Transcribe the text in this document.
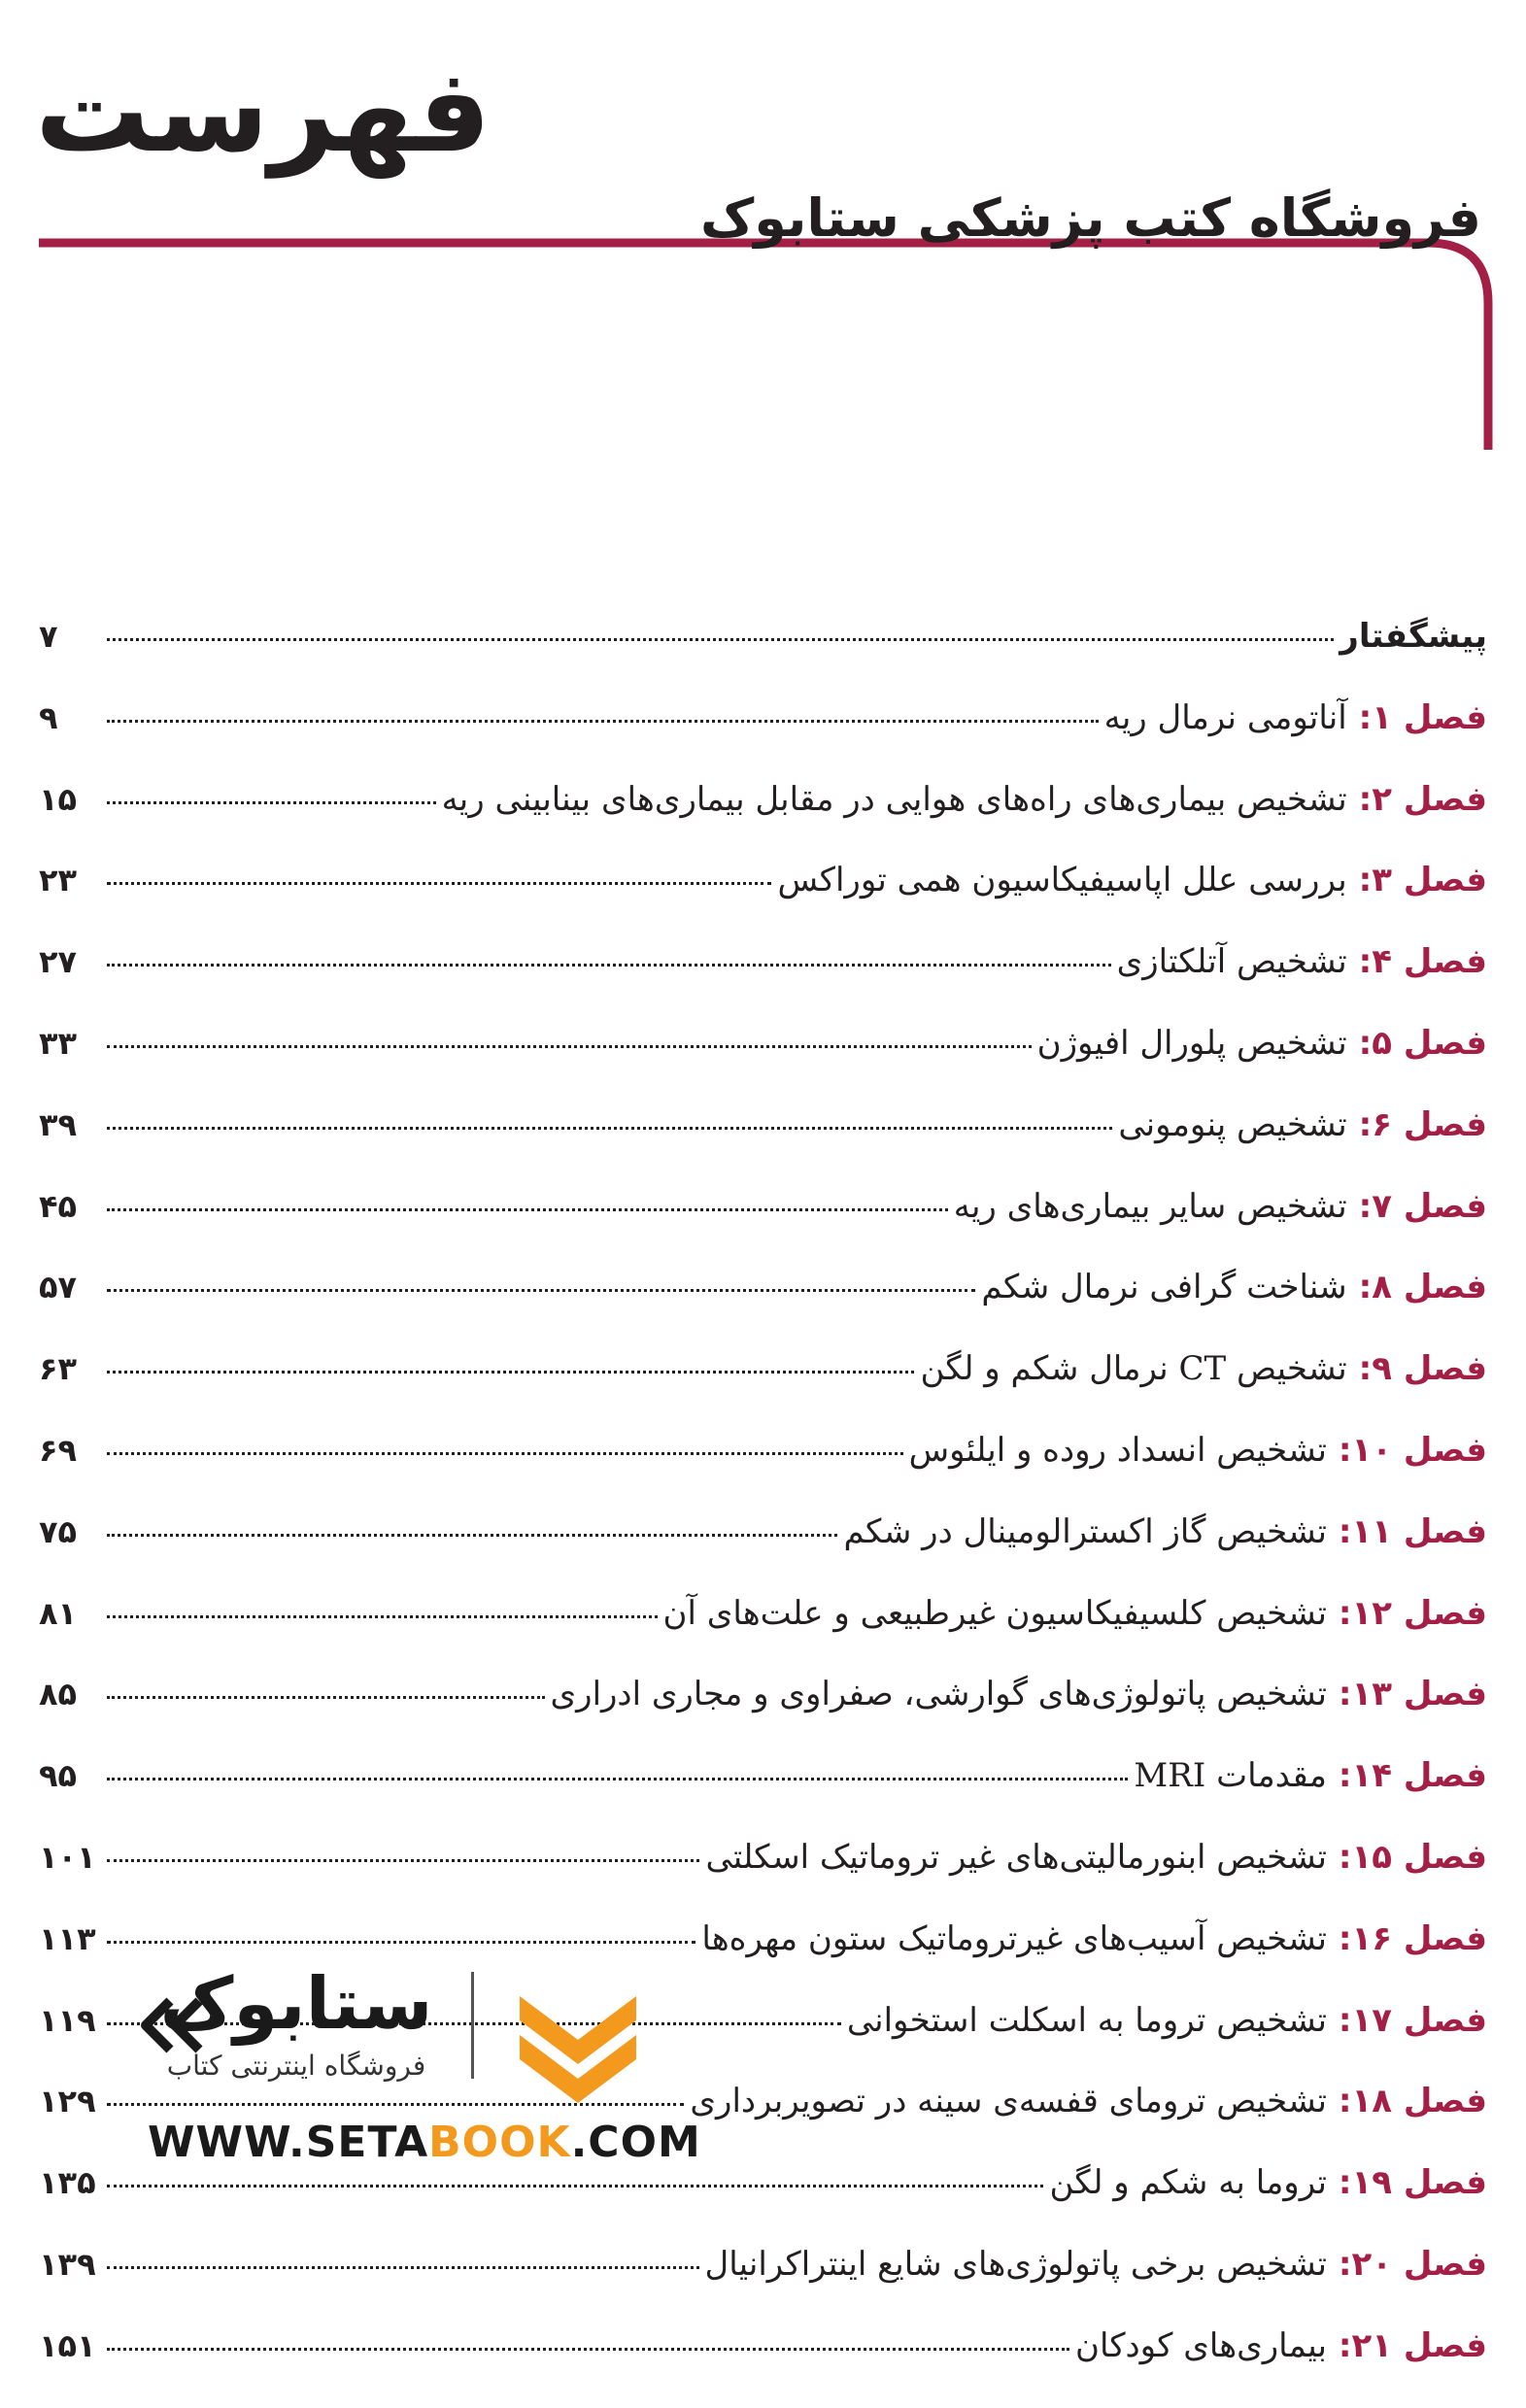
فهرست
فروشگاه کتب پزشکی ستابوک
پیشگفتار
۷
فصل ۱:آناتومی نرمال ریه
۹
فصل ۲:تشخیص بیماری‌های راه‌های هوایی در مقابل بیماری‌های بینابینی ریه
۱۵
فصل ۳:بررسی علل اپاسیفیکاسیون همی توراکس
۲۳
فصل ۴:تشخیص آتلکتازی
۲۷
فصل ۵:تشخیص پلورال افیوژن
۳۳
فصل ۶:تشخیص پنومونی
۳۹
فصل ۷:تشخیص سایر بیماری‌های ریه
۴۵
فصل ۸:شناخت گرافی نرمال شکم
۵۷
فصل ۹:تشخیص CT نرمال شکم و لگن
۶۳
فصل ۱۰:تشخیص انسداد روده و ایلئوس
۶۹
فصل ۱۱:تشخیص گاز اکسترالومینال در شکم
۷۵
فصل ۱۲:تشخیص کلسیفیکاسیون غیرطبیعی و علت‌های آن
۸۱
فصل ۱۳:تشخیص پاتولوژی‌های گوارشی، صفراوی و مجاری ادراری
۸۵
فصل ۱۴:مقدمات MRI
۹۵
فصل ۱۵:تشخیص ابنورمالیتی‌های غیر تروماتیک اسکلتی
۱۰۱
فصل ۱۶:تشخیص آسیب‌های غیرتروماتیک ستون مهره‌ها
۱۱۳
فصل ۱۷:تشخیص تروما به اسکلت استخوانی
۱۱۹
فصل ۱۸:تشخیص ترومای قفسه‌ی سینه در تصویربرداری
۱۲۹
فصل ۱۹:تروما به شکم و لگن
۱۳۵
فصل ۲۰:تشخیص برخی پاتولوژی‌های شایع اینتراکرانیال
۱۳۹
فصل ۲۱:بیماری‌های کودکان
۱۵۱
ستابوک
فروشگاه اینترنتی کتاب
WWW.SETABOOK.COM
